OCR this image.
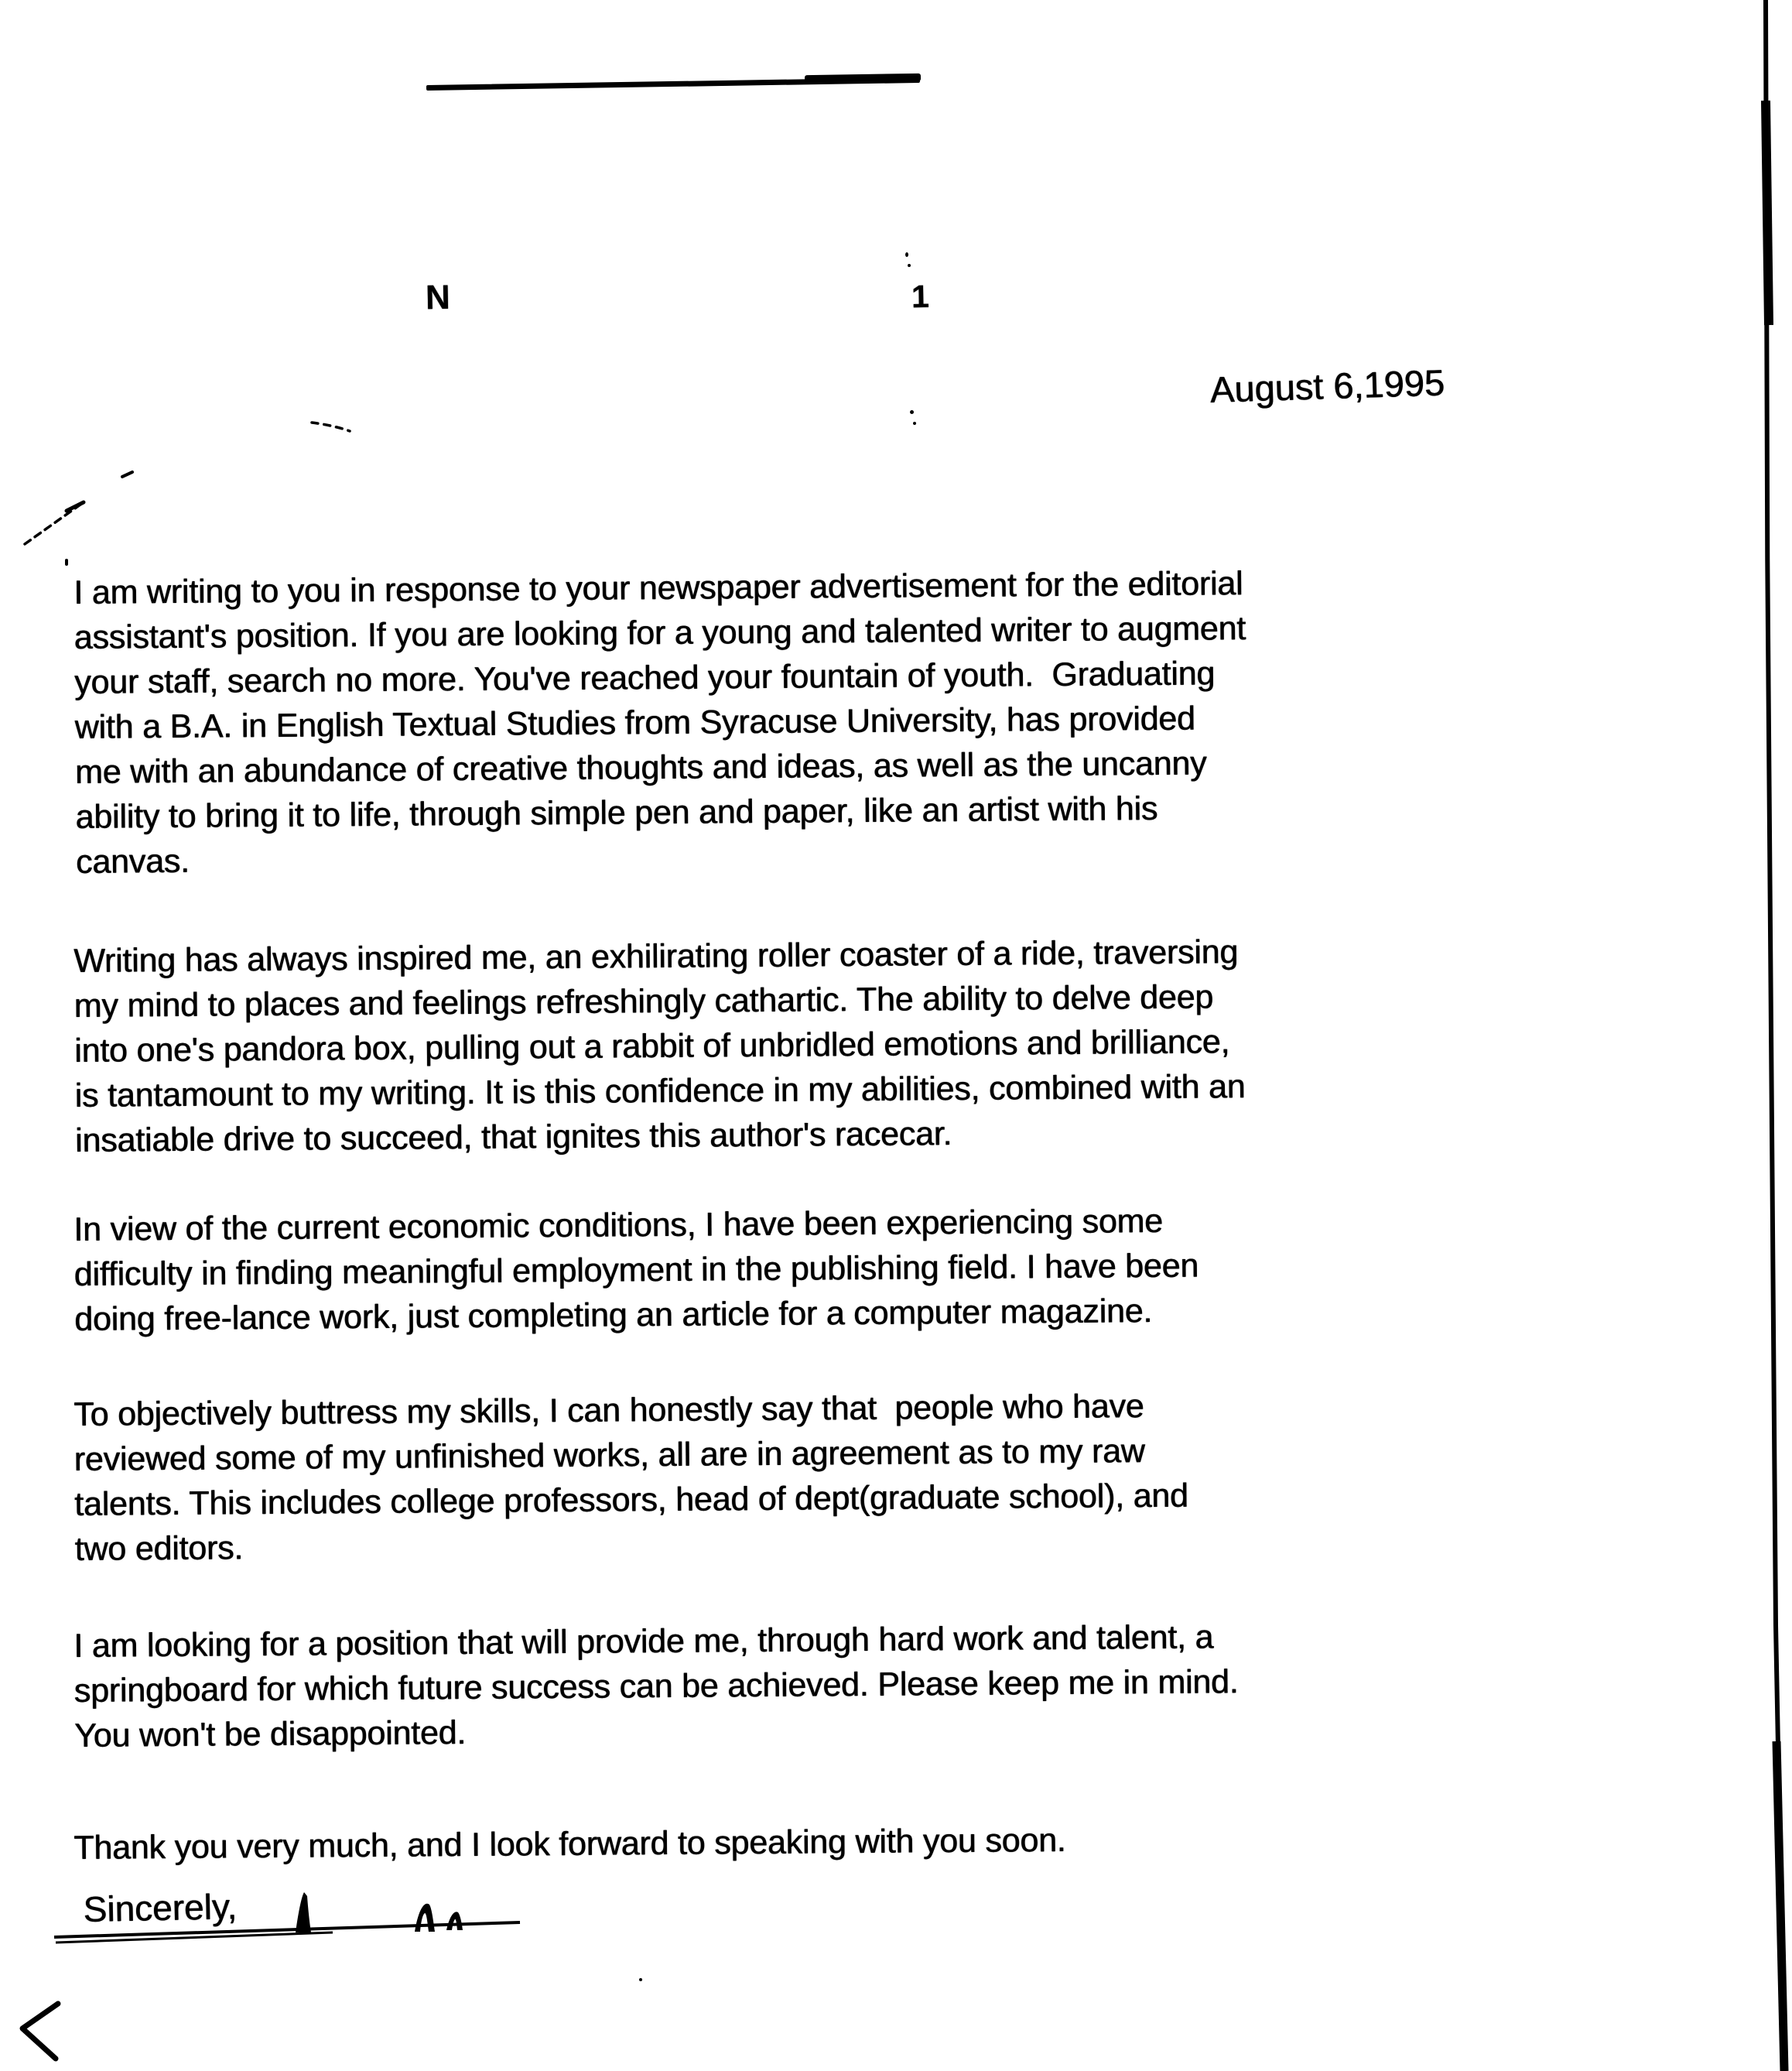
N	1
August 6,1995
I am writing to you in response to your newspaper advertisement for the editorial
assistant's position. If you are looking for a young and talented writer to augment
your staff, search no more. You've reached your fountain of youth.  Graduating
with a B.A. in English Textual Studies from Syracuse University, has provided
me with an abundance of creative thoughts and ideas, as well as the uncanny
ability to bring it to life, through simple pen and paper, like an artist with his
canvas.
Writing has always inspired me, an exhilirating roller coaster of a ride, traversing
my mind to places and feelings refreshingly cathartic. The ability to delve deep
into one's pandora box, pulling out a rabbit of unbridled emotions and brilliance,
is tantamount to my writing. It is this confidence in my abilities, combined with an
insatiable drive to succeed, that ignites this author's racecar.
In view of the current economic conditions, I have been experiencing some
difficulty in finding meaningful employment in the publishing field. I have been
doing free-lance work, just completing an article for a computer magazine.
To objectively buttress my skills, I can honestly say that  people who have
reviewed some of my unfinished works, all are in agreement as to my raw
talents. This includes college professors, head of dept(graduate school), and
two editors.
I am looking for a position that will provide me, through hard work and talent, a
springboard for which future success can be achieved. Please keep me in mind.
You won't be disappointed.
Thank you very much, and I look forward to speaking with you soon.
Sincerely,
